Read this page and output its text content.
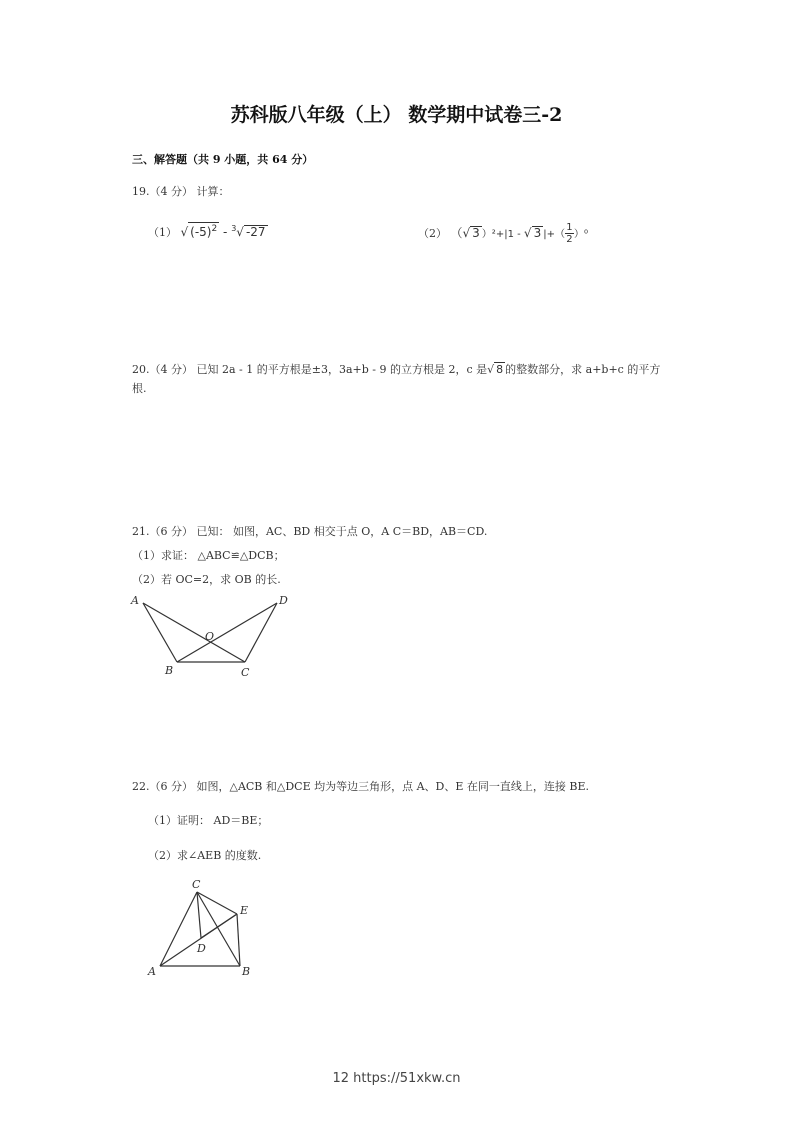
苏科版八年级（上） 数学期中试卷三-2
三、解答题（共 9 小题，共 64 分）
19.（4 分） 计算：
（1） √ $(-5)^2 - ^3√$ -27	（2） （√ 3 ）²+|1 - √ 3 |+（ $\frac{1}{2} )^0$
20.（4 分） 已知 2a - 1 的平方根是±3，3a+b - 9 的立方根是 2，c 是√ 8 的整数部分，求 a+b+c 的平方
根.
21.（6 分） 已知： 如图，AC、BD 相交于点 O，A C＝BD，AB＝CD.
（1）求证： △ABC≌△DCB；
（2）若 OC=2，求 OB 的长.
A	D
O
B	C
22.（6 分） 如图，△ACB 和△DCE 均为等边三角形，点 A、D、E 在同一直线上，连接 BE.
（1）证明： AD＝BE；
（2）求∠AEB 的度数.
C
E
D
A	B
12 https://51xkw.cn
